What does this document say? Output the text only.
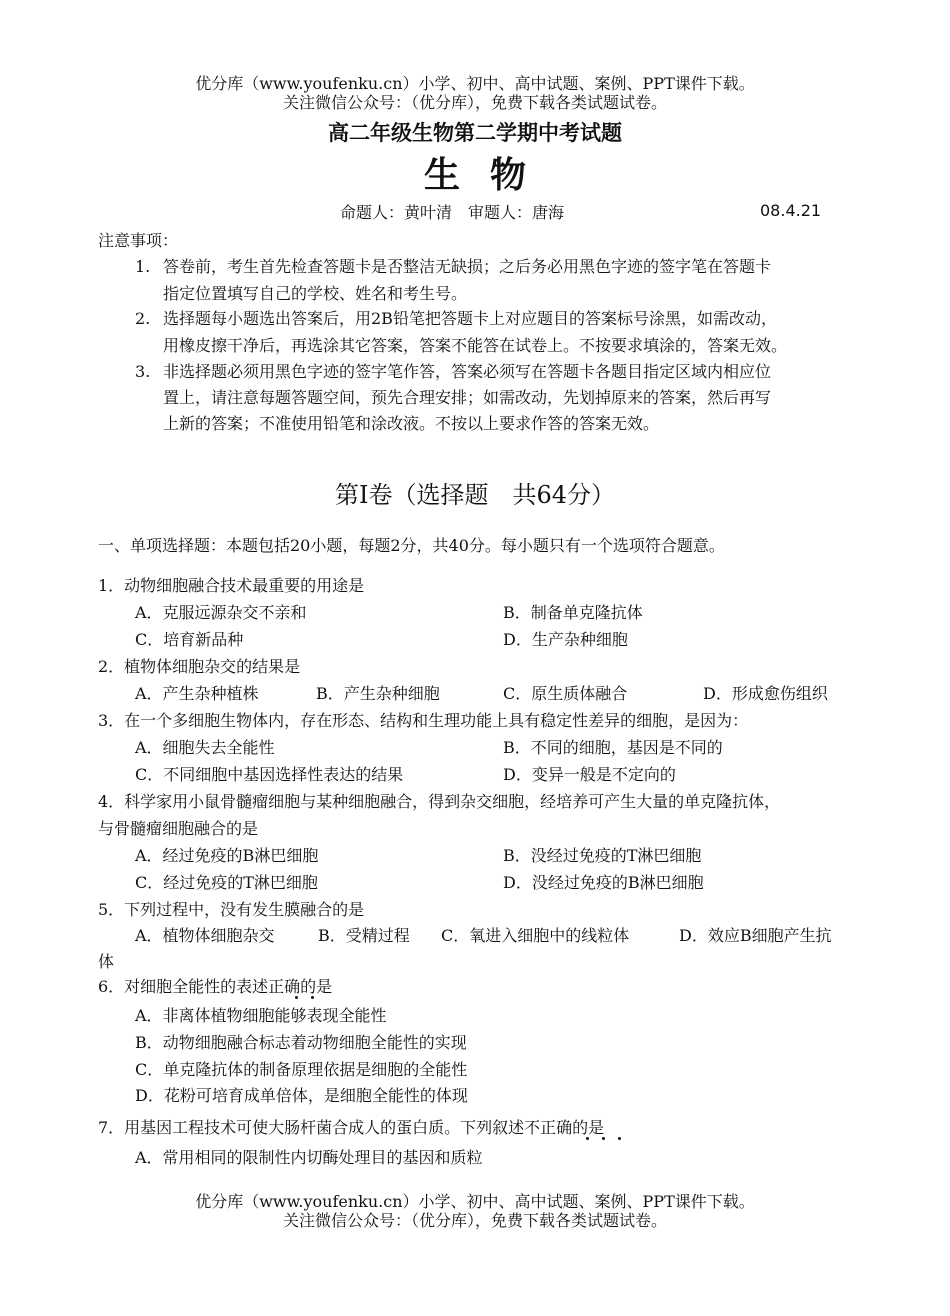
优分库（www.youfenku.cn）小学、初中、高中试题、案例、PPT课件下载。
关注微信公众号：（优分库），免费下载各类试题试卷。
高二年级生物第二学期中考试题
生物
命题人：黄叶清　审题人：唐海	08.4.21
注意事项：
1. 答卷前，考生首先检查答题卡是否整洁无缺损；之后务必用黑色字迹的签字笔在答题卡
指定位置填写自己的学校、姓名和考生号。
2. 选择题每小题选出答案后，用2B铅笔把答题卡上对应题目的答案标号涂黑，如需改动，
用橡皮擦干净后，再选涂其它答案，答案不能答在试卷上。不按要求填涂的，答案无效。
3. 非选择题必须用黑色字迹的签字笔作答，答案必须写在答题卡各题目指定区域内相应位
置上，请注意每题答题空间，预先合理安排；如需改动，先划掉原来的答案，然后再写
上新的答案；不准使用铅笔和涂改液。不按以上要求作答的答案无效。
第Ⅰ卷（选择题　共64分）
一、单项选择题：本题包括20小题，每题2分，共40分。每小题只有一个选项符合题意。
1．动物细胞融合技术最重要的用途是
A．克服远源杂交不亲和	B．制备单克隆抗体
C．培育新品种	D．生产杂种细胞
2．植物体细胞杂交的结果是
A．产生杂种植株	B．产生杂种细胞	C．原生质体融合	D．形成愈伤组织
3．在一个多细胞生物体内，存在形态、结构和生理功能上具有稳定性差异的细胞，是因为：
A．细胞失去全能性	B．不同的细胞，基因是不同的
C．不同细胞中基因选择性表达的结果	D．变异一般是不定向的
4．科学家用小鼠骨髓瘤细胞与某种细胞融合，得到杂交细胞，经培养可产生大量的单克隆抗体，
与骨髓瘤细胞融合的是
A．经过免疫的B淋巴细胞	B．没经过免疫的T淋巴细胞
C．经过免疫的T淋巴细胞	D．没经过免疫的B淋巴细胞
5．下列过程中，没有发生膜融合的是
A．植物体细胞杂交	B．受精过程 C．氧进入细胞中的线粒体	D．效应B细胞产生抗
体
6．对细胞全能性的表述正确的是
A．非离体植物细胞能够表现全能性
B．动物细胞融合标志着动物细胞全能性的实现
C．单克隆抗体的制备原理依据是细胞的全能性
D．花粉可培育成单倍体，是细胞全能性的体现
7．用基因工程技术可使大肠杆菌合成人的蛋白质。下列叙述不正确的是
A．常用相同的限制性内切酶处理目的基因和质粒
优分库（www.youfenku.cn）小学、初中、高中试题、案例、PPT课件下载。
关注微信公众号：（优分库），免费下载各类试题试卷。
